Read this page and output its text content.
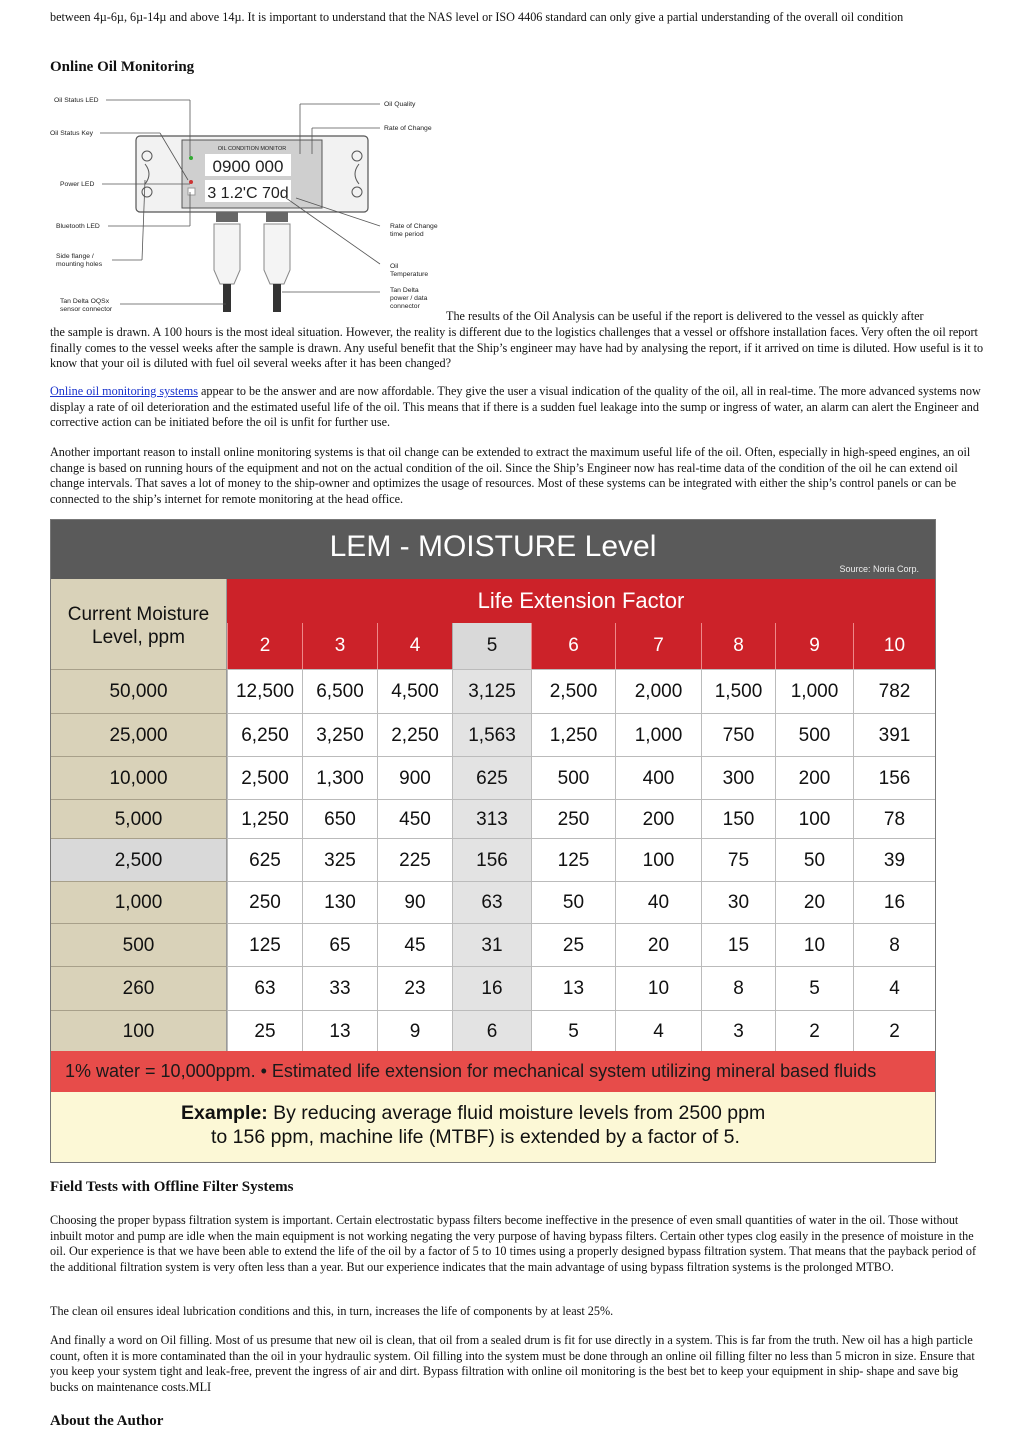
between 4µ-6µ, 6µ-14µ and above 14µ. It is important to understand that the NAS level or ISO 4406 standard can only give a partial understanding of the overall oil condition

Online Oil Monitoring
OIL CONDITION MONITOR
0900 000
3 1.2'C 70d
Oil Status LED
Oil Status Key
Power LED
Bluetooth LED
Side flange /
mounting holes
Tan Delta OQSx
sensor connector
Oil Quality
Rate of Change
Rate of Change
time period
Oil
Temperature
Tan Delta
power / data
connector

The results of the Oil Analysis can be useful if the report is delivered to the vessel as quickly after

the sample is drawn. A 100 hours is the most ideal situation. However, the reality is different due to the logistics challenges that a vessel or offshore installation faces. Very often the oil report finally comes to the vessel weeks after the sample is drawn. Any useful benefit that the Ship’s engineer may have had by analysing the report, if it arrived on time is diluted. How useful is it to know that your oil is diluted with fuel oil several weeks after it has been changed?

Online oil monitoring systems appear to be the answer and are now affordable. They give the user a visual indication of the quality of the oil, all in real-time. The more advanced systems now display a rate of oil deterioration and the estimated useful life of the oil. This means that if there is a sudden fuel leakage into the sump or ingress of water, an alarm can alert the Engineer and corrective action can be initiated before the oil is unfit for further use.

Another important reason to install online monitoring systems is that oil change can be extended to extract the maximum useful life of the oil. Often, especially in high-speed engines, an oil change is based on running hours of the equipment and not on the actual condition of the oil. Since the Ship’s Engineer now has real-time data of the condition of the oil he can extend oil change intervals. That saves a lot of money to the ship-owner and optimizes the usage of resources. Most of these systems can be integrated with either the ship’s control panels or can be connected to the ship’s internet for remote monitoring at the head office.

LEM - MOISTURE Level
Source: Noria Corp.
Current Moisture
Level, ppm
Life Extension Factor
2	3	4	5	6	7	8	9	10
50,000	12,500	6,500	4,500	3,125	2,500	2,000	1,500	1,000	782
25,000	6,250	3,250	2,250	1,563	1,250	1,000	750	500	391
10,000	2,500	1,300	900	625	500	400	300	200	156
5,000	1,250	650	450	313	250	200	150	100	78
2,500	625	325	225	156	125	100	75	50	39
1,000	250	130	90	63	50	40	30	20	16
500	125	65	45	31	25	20	15	10	8
260	63	33	23	16	13	10	8	5	4
100	25	13	9	6	5	4	3	2	2
1% water = 10,000ppm. • Estimated life extension for mechanical system utilizing mineral based fluids
Example: By reducing average fluid moisture levels from 2500 ppm
to 156 ppm, machine life (MTBF) is extended by a factor of 5.
Field Tests with Offline Filter Systems

Choosing the proper bypass filtration system is important. Certain electrostatic bypass filters become ineffective in the presence of even small quantities of water in the oil. Those without inbuilt motor and pump are idle when the main equipment is not working negating the very purpose of having bypass filters. Certain other types clog easily in the presence of moisture in the oil. Our experience is that we have been able to extend the life of the oil by a factor of 5 to 10 times using a properly designed bypass filtration system. That means that the payback period of the additional filtration system is very often less than a year. But our experience indicates that the main advantage of using bypass filtration systems is the prolonged MTBO.

The clean oil ensures ideal lubrication conditions and this, in turn, increases the life of components by at least 25%.

And finally a word on Oil filling. Most of us presume that new oil is clean, that oil from a sealed drum is fit for use directly in a system. This is far from the truth. New oil has a high particle count, often it is more contaminated than the oil in your hydraulic system. Oil filling into the system must be done through an online oil filling filter no less than 5 micron in size. Ensure that you keep your system tight and leak-free, prevent the ingress of air and dirt. Bypass filtration with online oil monitoring is the best bet to keep your equipment in ship- shape and save big bucks on maintenance costs.MLI

About the Author
